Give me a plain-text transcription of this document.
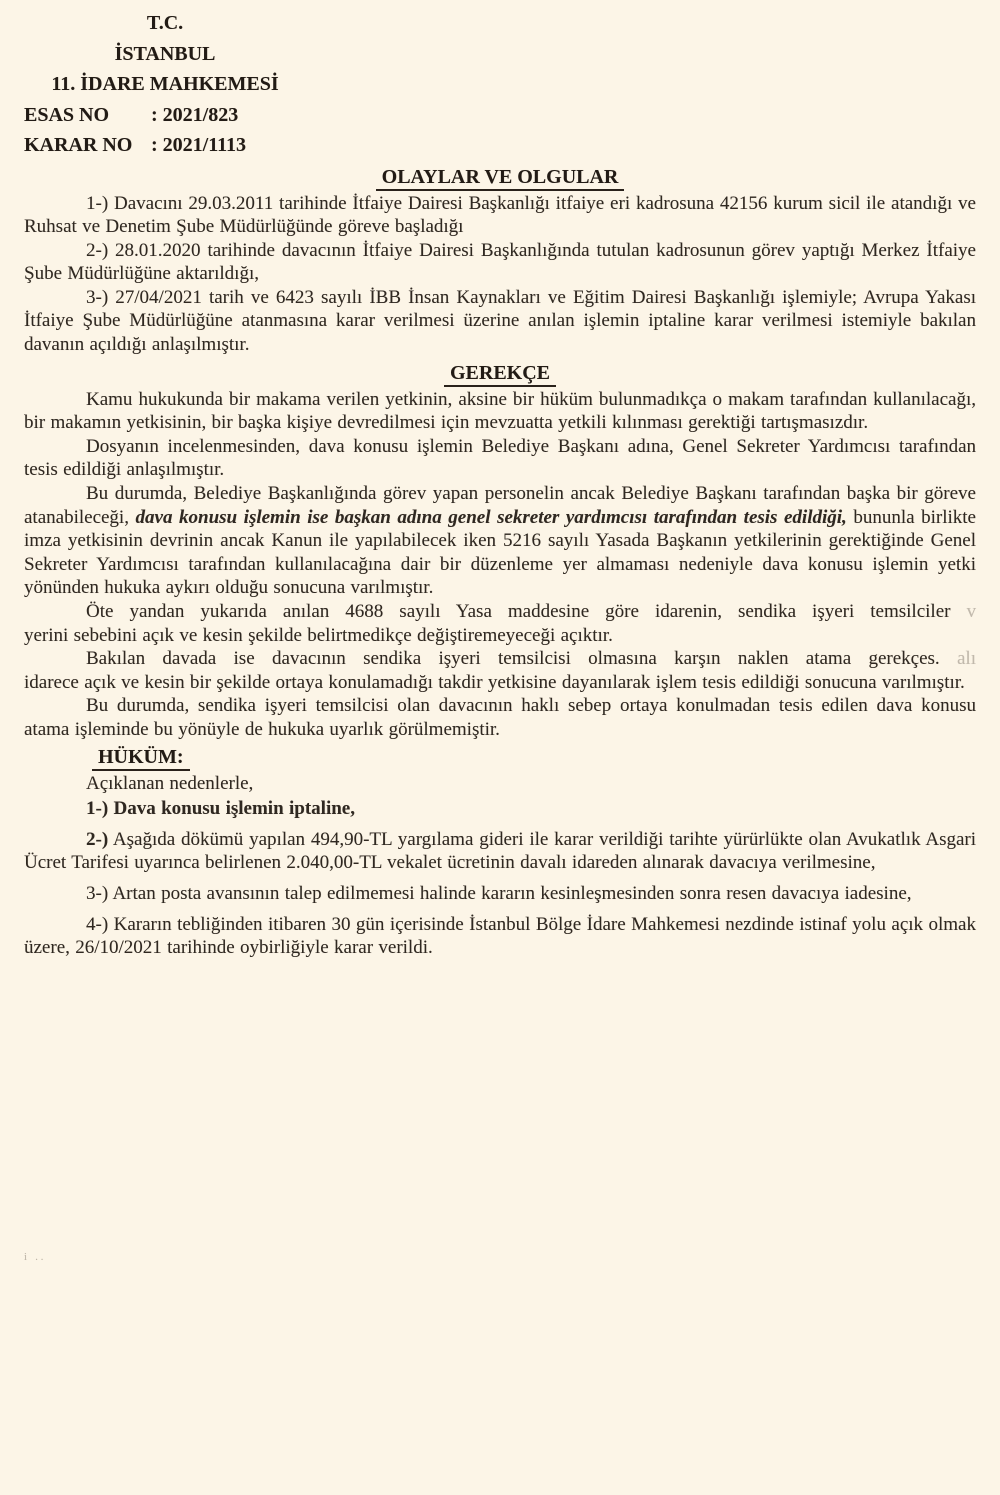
T.C.
İSTANBUL
11. İDARE MAHKEMESİ
ESAS NO	: 2021/823
KARAR NO : 2021/1113
OLAYLAR VE OLGULAR

1-) Davacını 29.03.2011 tarihinde İtfaiye Dairesi Başkanlığı itfaiye eri kadrosuna 42156 kurum sicil ile atandığı ve Ruhsat ve Denetim Şube Müdürlüğünde göreve başladığı

2-) 28.01.2020 tarihinde davacının İtfaiye Dairesi Başkanlığında tutulan kadrosunun görev yaptığı Merkez İtfaiye Şube Müdürlüğüne aktarıldığı,

3-) 27/04/2021 tarih ve 6423 sayılı İBB İnsan Kaynakları ve Eğitim Dairesi Başkanlığı işlemiyle; Avrupa Yakası İtfaiye Şube Müdürlüğüne atanmasına karar verilmesi üzerine anılan işlemin iptaline karar verilmesi istemiyle bakılan davanın açıldığı anlaşılmıştır.

GEREKÇE

Kamu hukukunda bir makama verilen yetkinin, aksine bir hüküm bulunmadıkça o makam tarafından kullanılacağı, bir makamın yetkisinin, bir başka kişiye devredilmesi için mevzuatta yetkili kılınması gerektiği tartışmasızdır.

Dosyanın incelenmesinden, dava konusu işlemin Belediye Başkanı adına, Genel Sekreter Yardımcısı tarafından tesis edildiği anlaşılmıştır.

Bu durumda, Belediye Başkanlığında görev yapan personelin ancak Belediye Başkanı tarafından başka bir göreve atanabileceği, dava konusu işlemin ise başkan adına genel sekreter yardımcısı tarafından tesis edildiği, bununla birlikte imza yetkisinin devrinin ancak Kanun ile yapılabilecek iken 5216 sayılı Yasada Başkanın yetkilerinin gerektiğinde Genel Sekreter Yardımcısı tarafından kullanılacağına dair bir düzenleme yer almaması nedeniyle dava konusu işlemin yetki yönünden hukuka aykırı olduğu sonucuna varılmıştır.

Öte yandan yukarıda anılan 4688 sayılı Yasa maddesine göre idarenin, sendika işyeri temsilciler v

yerini sebebini açık ve kesin şekilde belirtmedikçe değiştiremeyeceği açıktır.

Bakılan davada ise davacının sendika işyeri temsilcisi olmasına karşın naklen atama gerekçes. alı

idarece açık ve kesin bir şekilde ortaya konulamadığı takdir yetkisine dayanılarak işlem tesis edildiği sonucuna varılmıştır.

Bu durumda, sendika işyeri temsilcisi olan davacının haklı sebep ortaya konulmadan tesis edilen dava konusu atama işleminde bu yönüyle de hukuka uyarlık görülmemiştir.

HÜKÜM:

Açıklanan nedenlerle,

1-) Dava konusu işlemin iptaline,

2-) Aşağıda dökümü yapılan 494,90-TL yargılama gideri ile karar verildiği tarihte yürürlükte olan Avukatlık Asgari Ücret Tarifesi uyarınca belirlenen 2.040,00-TL vekalet ücretinin davalı idareden alınarak davacıya verilmesine,

3-) Artan posta avansının talep edilmemesi halinde kararın kesinleşmesinden sonra resen davacıya iadesine,

4-) Kararın tebliğinden itibaren 30 gün içerisinde İstanbul Bölge İdare Mahkemesi nezdinde istinaf yolu açık olmak üzere, 26/10/2021 tarihinde oybirliğiyle karar verildi.

i ..
